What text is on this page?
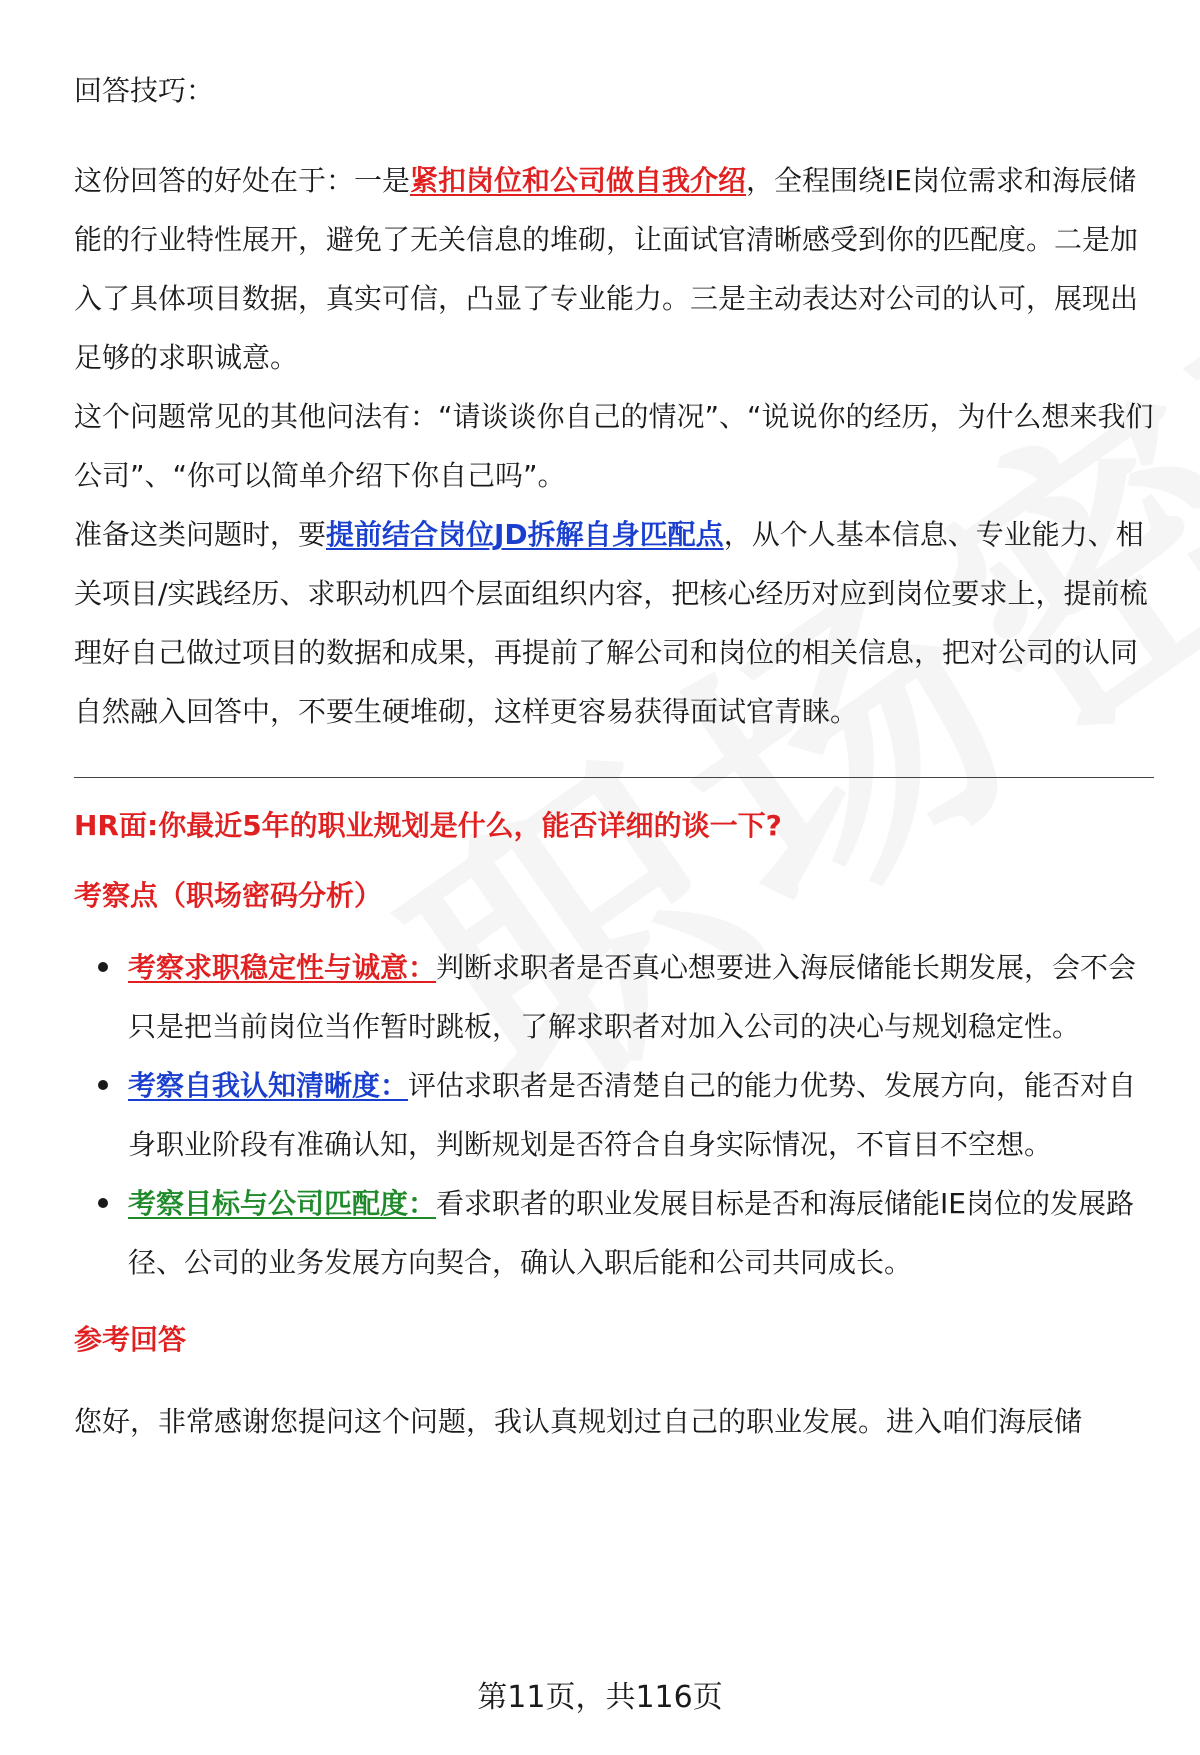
回答技巧：

这份回答的好处在于：一是紧扣岗位和公司做自我介绍，全程围绕IE岗位需求和海辰储能的行业特性展开，避免了无关信息的堆砌，让面试官清晰感受到你的匹配度。二是加入了具体项目数据，真实可信，凸显了专业能力。三是主动表达对公司的认可，展现出足够的求职诚意。

这个问题常见的其他问法有：“请谈谈你自己的情况”、“说说你的经历，为什么想来我们公司”、“你可以简单介绍下你自己吗”。

准备这类问题时，要提前结合岗位JD拆解自身匹配点，从个人基本信息、专业能力、相关项目/实践经历、求职动机四个层面组织内容，把核心经历对应到岗位要求上，提前梳理好自己做过项目的数据和成果，再提前了解公司和岗位的相关信息，把对公司的认同自然融入回答中，不要生硬堆砌，这样更容易获得面试官青睐。

HR面:你最近5年的职业规划是什么，能否详细的谈一下?

考察点（职场密码分析）

考察求职稳定性与诚意：判断求职者是否真心想要进入海辰储能长期发展，会不会只是把当前岗位当作暂时跳板，了解求职者对加入公司的决心与规划稳定性。
考察自我认知清晰度：评估求职者是否清楚自己的能力优势、发展方向，能否对自身职业阶段有准确认知，判断规划是否符合自身实际情况，不盲目不空想。
考察目标与公司匹配度：看求职者的职业发展目标是否和海辰储能IE岗位的发展路径、公司的业务发展方向契合，确认入职后能和公司共同成长。

参考回答

您好，非常感谢您提问这个问题，我认真规划过自己的职业发展。进入咱们海辰储

第11页，共116页
